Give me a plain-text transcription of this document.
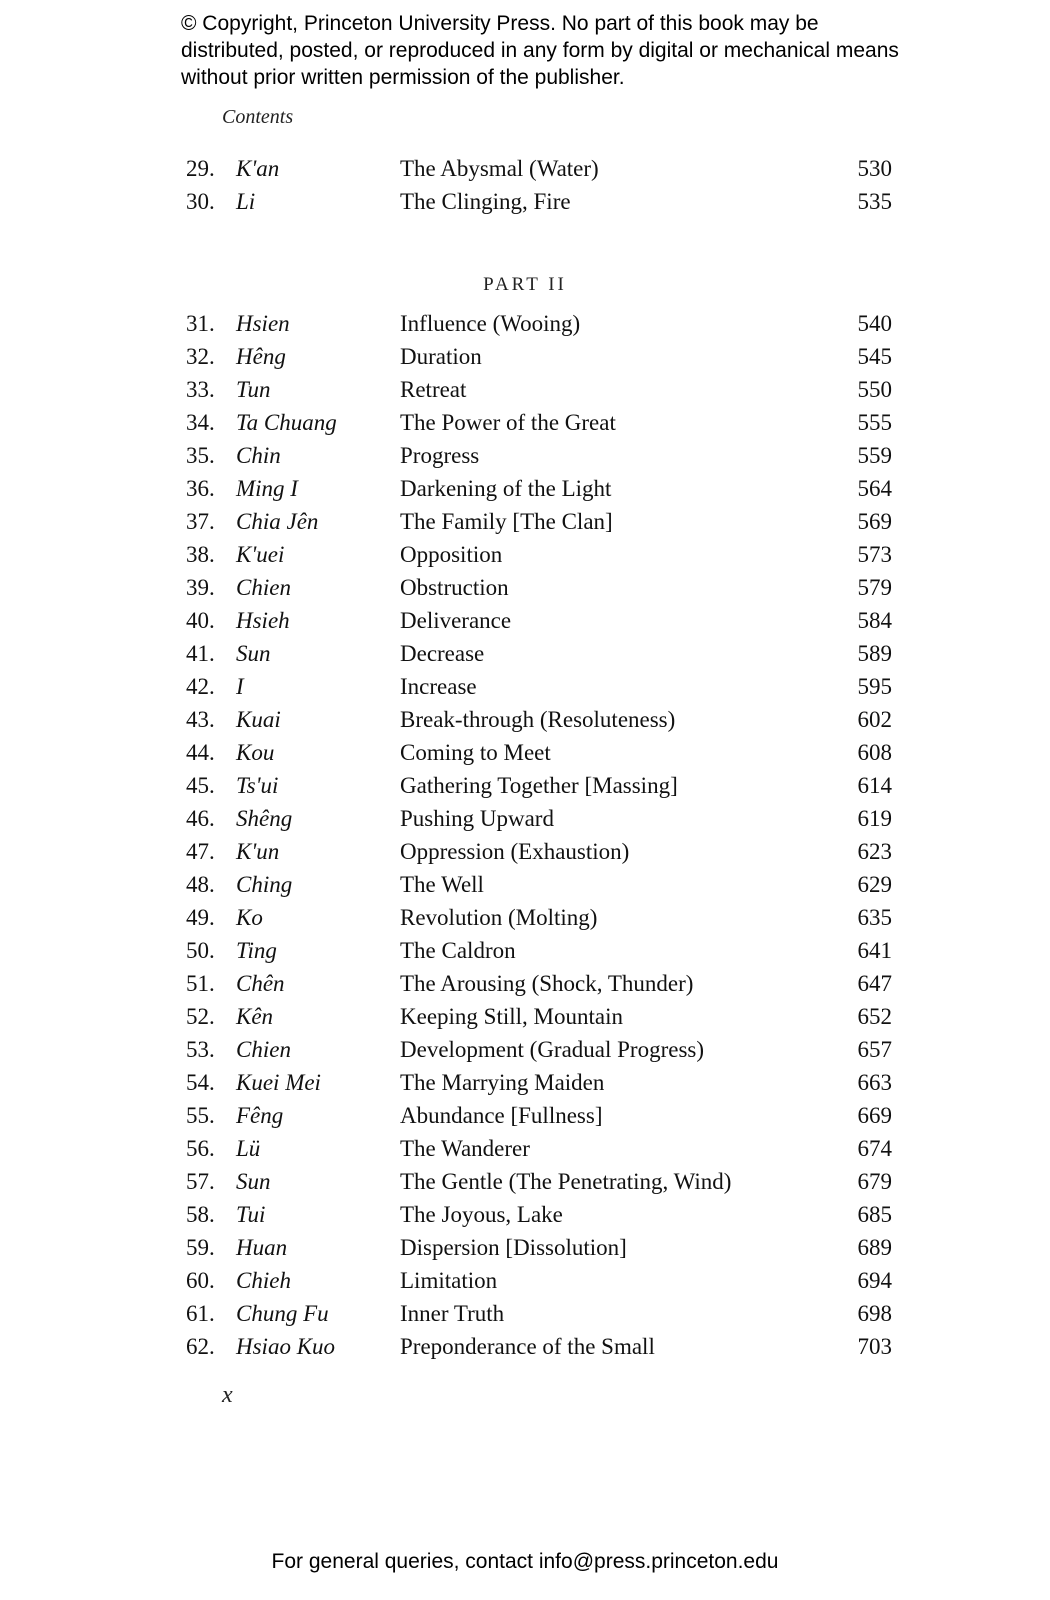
© Copyright, Princeton University Press. No part of this book may be distributed, posted, or reproduced in any form by digital or mechanical means without prior written permission of the publisher.
Contents
29. K'an	The Abysmal (Water)	530
30. Li	The Clinging, Fire	535
PART II
31. Hsien	Influence (Wooing)	540
32. Hêng	Duration	545
33. Tun	Retreat	550
34. Ta Chuang	The Power of the Great	555
35. Chin	Progress	559
36. Ming I	Darkening of the Light	564
37. Chia Jên	The Family [The Clan]	569
38. K'uei	Opposition	573
39. Chien	Obstruction	579
40. Hsieh	Deliverance	584
41. Sun	Decrease	589
42. I	Increase	595
43. Kuai	Break-through (Resoluteness)	602
44. Kou	Coming to Meet	608
45. Ts'ui	Gathering Together [Massing]	614
46. Shêng	Pushing Upward	619
47. K'un	Oppression (Exhaustion)	623
48. Ching	The Well	629
49. Ko	Revolution (Molting)	635
50. Ting	The Caldron	641
51. Chên	The Arousing (Shock, Thunder)	647
52. Kên	Keeping Still, Mountain	652
53. Chien	Development (Gradual Progress)	657
54. Kuei Mei	The Marrying Maiden	663
55. Fêng	Abundance [Fullness]	669
56. Lü	The Wanderer	674
57. Sun	The Gentle (The Penetrating, Wind)	679
58. Tui	The Joyous, Lake	685
59. Huan	Dispersion [Dissolution]	689
60. Chieh	Limitation	694
61. Chung Fu	Inner Truth	698
62. Hsiao Kuo	Preponderance of the Small	703
x
For general queries, contact info@press.princeton.edu
